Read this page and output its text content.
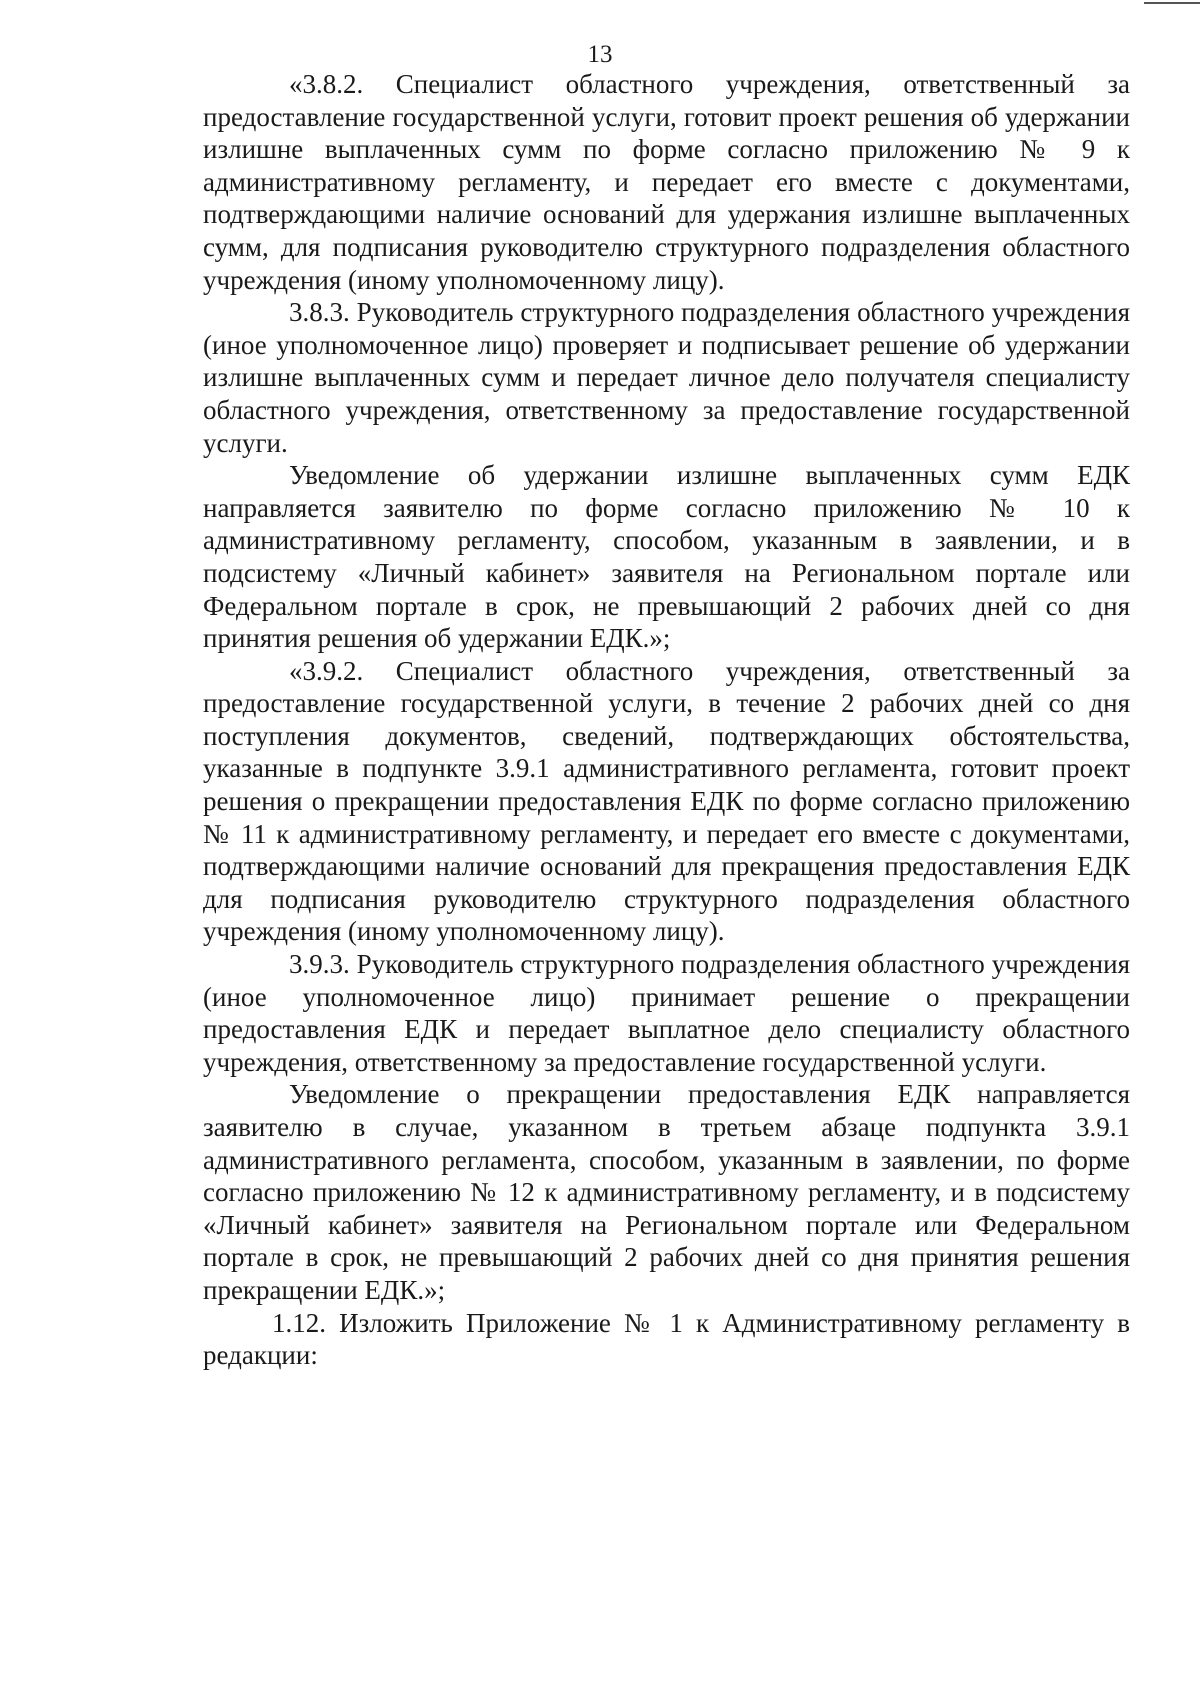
13

«3.8.2. Специалист областного учреждения, ответственный за предоставление государственной услуги, готовит проект решения об удержании излишне выплаченных сумм по форме согласно приложению № 9 к административному регламенту, и передает его вместе с документами, подтверждающими наличие оснований для удержания излишне выплаченных сумм, для подписания руководителю структурного подразделения областного учреждения (иному уполномоченному лицу).

3.8.3. Руководитель структурного подразделения областного учреждения (иное уполномоченное лицо) проверяет и подписывает решение об удержании излишне выплаченных сумм и передает личное дело получателя специалисту областного учреждения, ответственному за предоставление государственной услуги.

Уведомление об удержании излишне выплаченных сумм ЕДК направляется заявителю по форме согласно приложению № 10 к административному регламенту, способом, указанным в заявлении, и в подсистему «Личный кабинет» заявителя на Региональном портале или Федеральном портале в срок, не превышающий 2 рабочих дней со дня принятия решения об удержании ЕДК.»;

«3.9.2. Специалист областного учреждения, ответственный за предоставление государственной услуги, в течение 2 рабочих дней со дня поступления документов, сведений, подтверждающих обстоятельства, указанные в подпункте 3.9.1 административного регламента, готовит проект решения о прекращении предоставления ЕДК по форме согласно приложению № 11 к административному регламенту, и передает его вместе с документами, подтверждающими наличие оснований для прекращения предоставления ЕДК для подписания руководителю структурного подразделения областного учреждения (иному уполномоченному лицу).

3.9.3. Руководитель структурного подразделения областного учреждения (иное уполномоченное лицо) принимает решение о прекращении предоставления ЕДК и передает выплатное дело специалисту областного учреждения, ответственному за предоставление государственной услуги.

Уведомление о прекращении предоставления ЕДК направляется заявителю в случае, указанном в третьем абзаце подпункта 3.9.1 административного регламента, способом, указанным в заявлении, по форме согласно приложению № 12 к административному регламенту, и в подсистему «Личный кабинет» заявителя на Региональном портале или Федеральном портале в срок, не превышающий 2 рабочих дней со дня принятия решения прекращении ЕДК.»;

1.12. Изложить Приложение № 1 к Административному регламенту в редакции:
